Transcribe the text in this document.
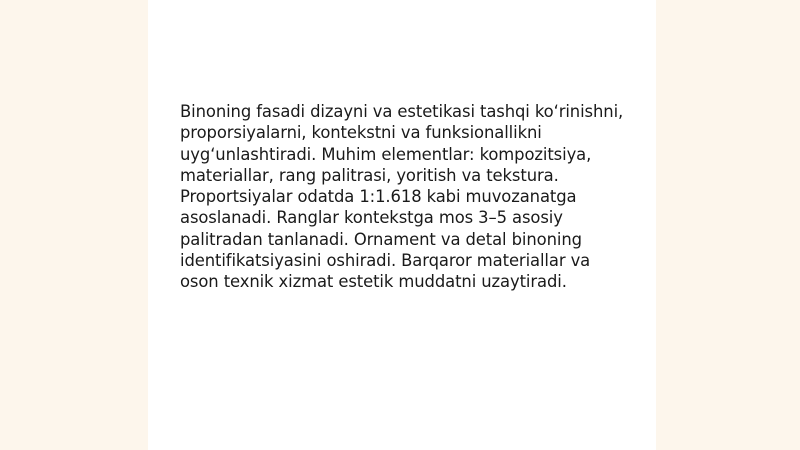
Binoning fasadi dizayni va estetikasi tashqi ko‘rinishni,
proporsiyalarni, kontekstni va funksionallikni
uyg‘unlashtiradi. Muhim elementlar: kompozitsiya,
materiallar, rang palitrasi, yoritish va tekstura.
Proportsiyalar odatda 1:1.618 kabi muvozanatga
asoslanadi. Ranglar kontekstga mos 3–5 asosiy
palitradan tanlanadi. Ornament va detal binoning
identifikatsiyasini oshiradi. Barqaror materiallar va
oson texnik xizmat estetik muddatni uzaytiradi.
